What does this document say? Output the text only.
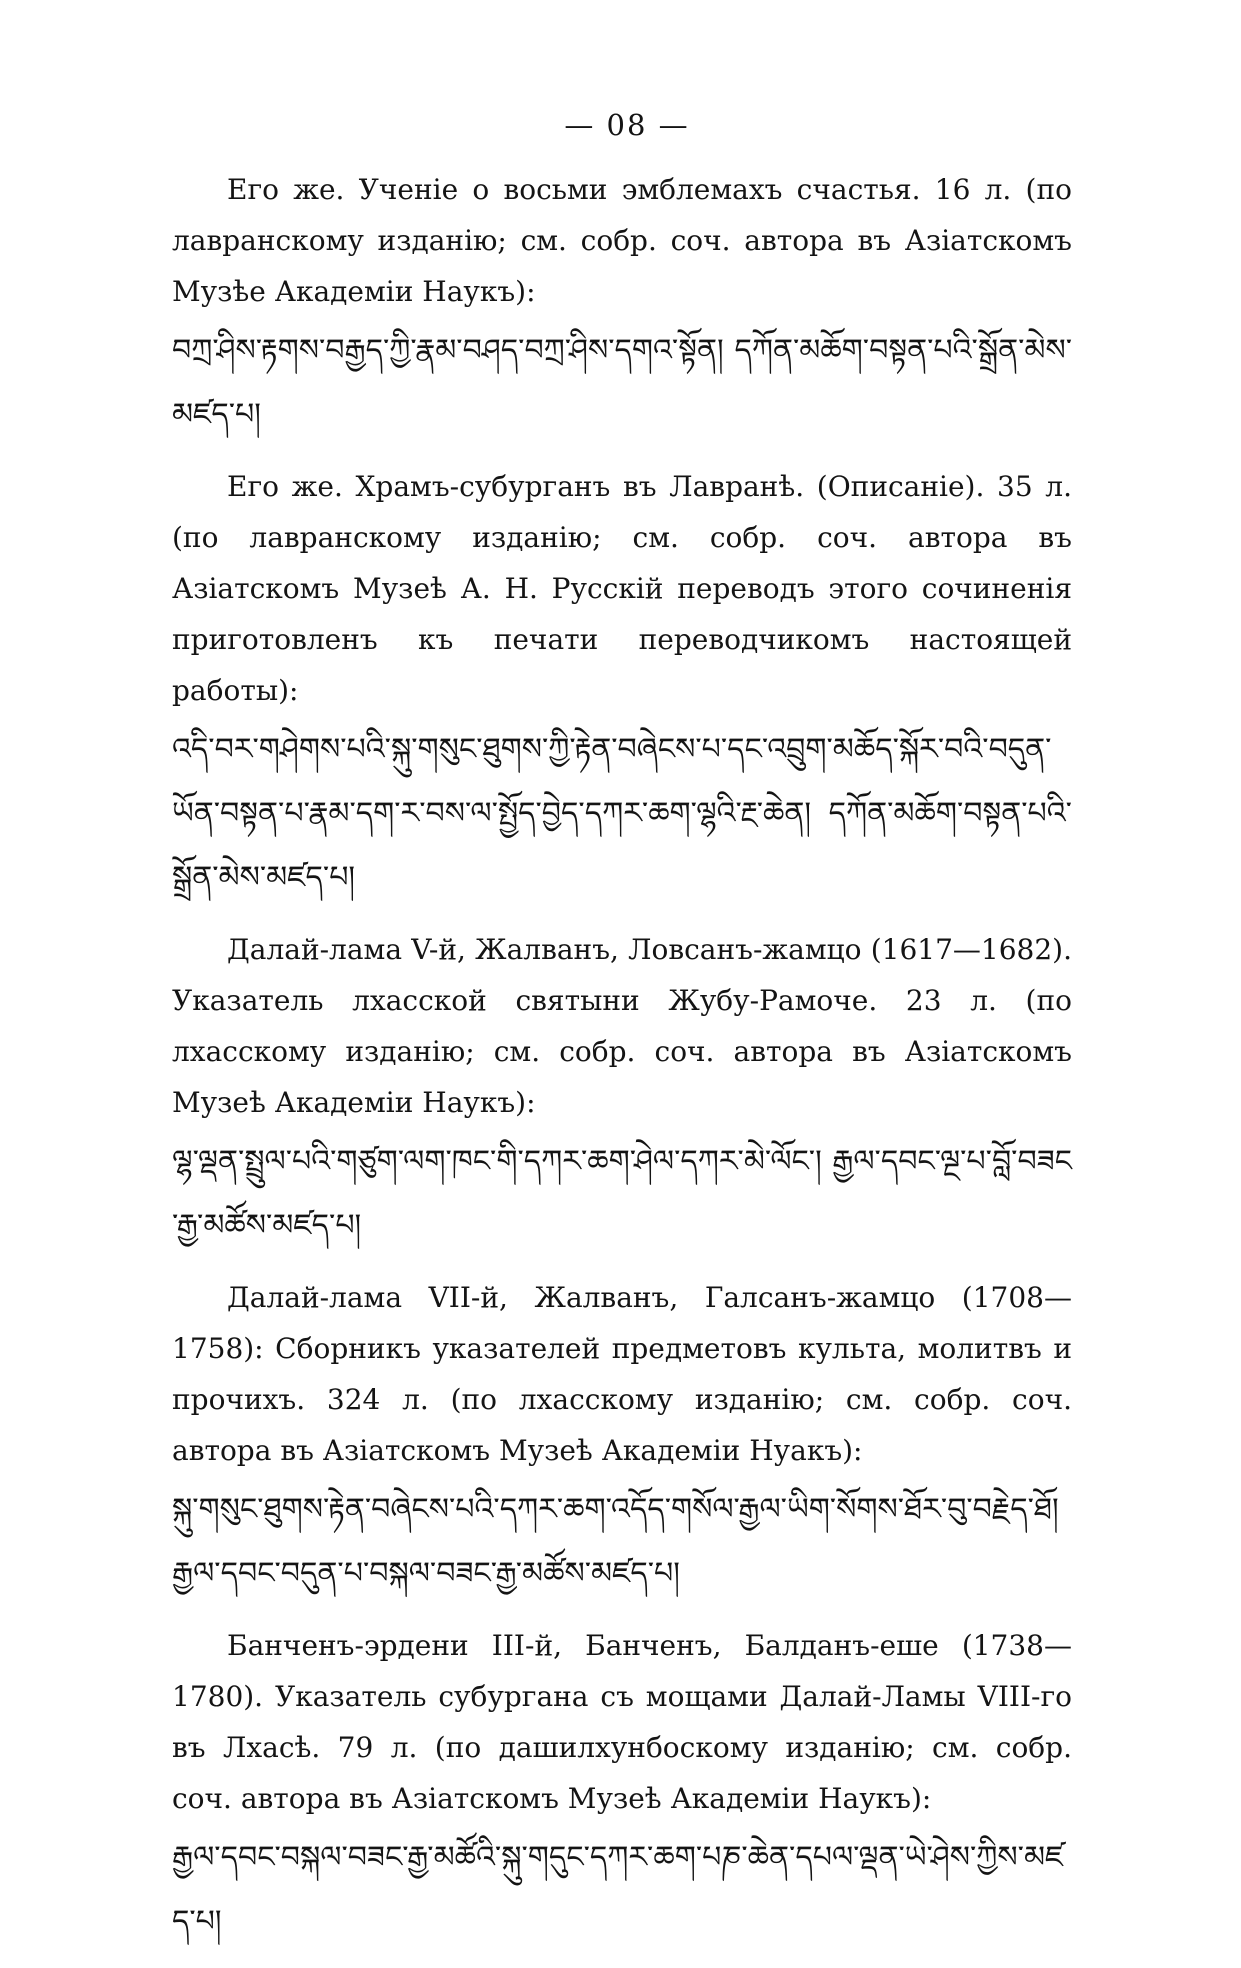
— 08 —

Его же. Ученіе о восьми эмблемахъ счастья. 16 л. (по лавранскому изданію; см. собр. соч. автора въ Азіатскомъ Музѣе Академіи Наукъ):

བཀྲ་ཤིས་རྟགས་བརྒྱད་ཀྱི་རྣམ་བཤད་བཀྲ་ཤིས་དགའ་སྟོན། དཀོན་མཆོག་བསྟན་པའི་སྒྲོན་མེས་མཛད་པ།

Его же. Храмъ-субурганъ въ Лавранѣ. (Описаніе). 35 л. (по лавранскому изданію; см. собр. соч. автора въ Азіатскомъ Музеѣ А. Н. Русскій переводъ этого сочиненія приготовленъ къ печати переводчикомъ настоящей работы):

འདི་བར་གཤེགས་པའི་སྐུ་གསུང་ཐུགས་ཀྱི་རྟེན་བཞེངས་པ་དང་འབྲུག་མཆོད་སྐོར་བའི་བདུན་ཡོན་བསྟན་པ་རྣམ་དག་ར་བས་ལ་སྤྱོད་བྱེད་དཀར་ཆག་ལྷའི་རྔ་ཆེན། དཀོན་མཆོག་བསྟན་པའི་སྒྲོན་མེས་མཛད་པ།

Далай-лама V-й, Жалванъ, Ловсанъ-жамцо (1617—1682). Указатель лхасской святыни Жубу-Рамоче. 23 л. (по лхасскому изданію; см. собр. соч. автора въ Азіатскомъ Музеѣ Академіи Наукъ):

ལྷ་ལྡན་སྤྲུལ་པའི་གཙུག་ལག་ཁང་གི་དཀར་ཆག་ཤེལ་དཀར་མེ་ལོང་། རྒྱལ་དབང་ལྔ་པ་བློ་བཟང་རྒྱ་མཚོས་མཛད་པ།

Далай-лама VII-й, Жалванъ, Галсанъ-жамцо (1708—1758): Сборникъ указателей предметовъ культа, молитвъ и прочихъ. 324 л. (по лхасскому изданію; см. собр. соч. автора въ Азіатскомъ Музеѣ Академіи Нуакъ):

སྐུ་གསུང་ཐུགས་རྟེན་བཞེངས་པའི་དཀར་ཆག་འདོད་གསོལ་རྒྱལ་ཡིག་སོགས་ཐོར་བུ་བརྗེད་ཐོ། རྒྱལ་དབང་བདུན་པ་བསྐལ་བཟང་རྒྱ་མཚོས་མཛད་པ།

Банченъ-эрдени III-й, Банченъ, Балданъ-еше (1738—1780). Указатель субургана съ мощами Далай-Ламы VIII-го въ Лхасѣ. 79 л. (по дашилхунбоскому изданію; см. собр. соч. автора въ Азіатскомъ Музеѣ Академіи Наукъ):

རྒྱལ་དབང་བསྐལ་བཟང་རྒྱ་མཚོའི་སྐུ་གདུང་དཀར་ཆག་པཎ་ཆེན་དཔལ་ལྡན་ཡེ་ཤེས་ཀྱིས་མཛད་པ།
